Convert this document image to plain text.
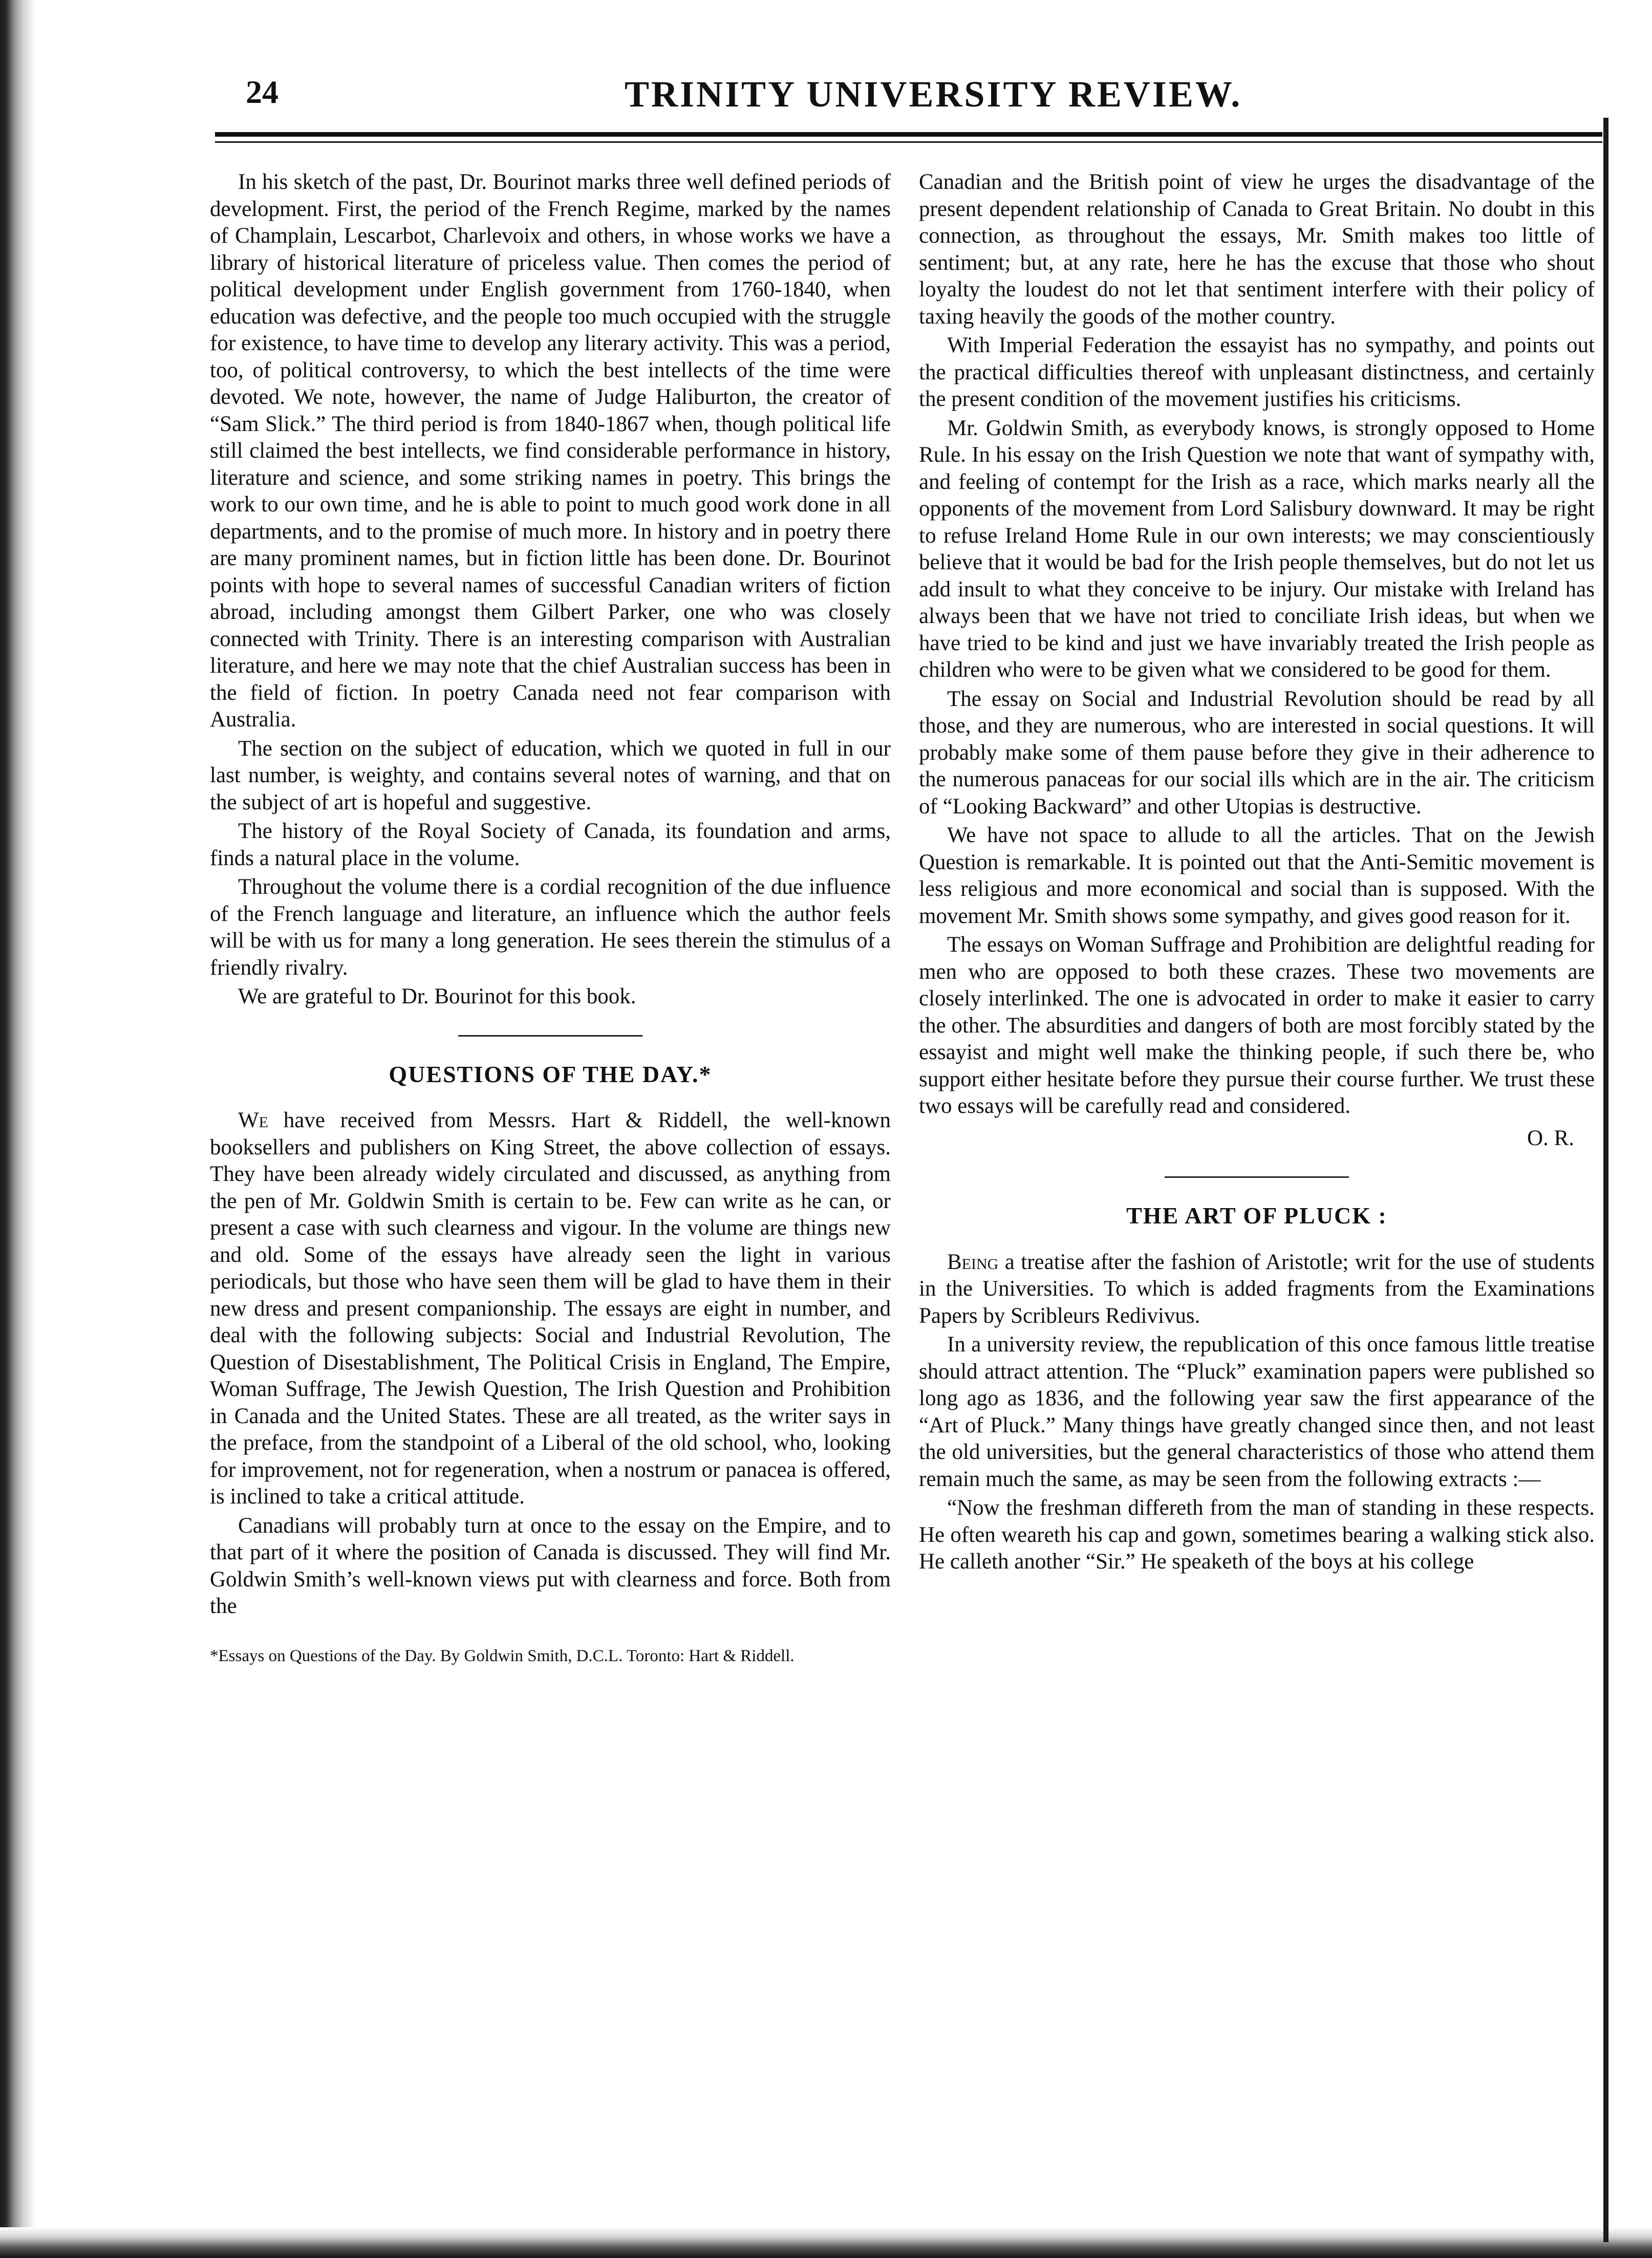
24	TRINITY UNIVERSITY REVIEW.

In his sketch of the past, Dr. Bourinot marks three well defined periods of development. First, the period of the French Regime, marked by the names of Champlain, Lescarbot, Charlevoix and others, in whose works we have a library of historical literature of priceless value. Then comes the period of political development under English government from 1760-1840, when education was defective, and the people too much occupied with the struggle for existence, to have time to develop any literary activity. This was a period, too, of political controversy, to which the best intellects of the time were devoted. We note, however, the name of Judge Haliburton, the creator of “Sam Slick.” The third period is from 1840-1867 when, though political life still claimed the best intellects, we find considerable performance in history, literature and science, and some striking names in poetry. This brings the work to our own time, and he is able to point to much good work done in all departments, and to the promise of much more. In history and in poetry there are many prominent names, but in fiction little has been done. Dr. Bourinot points with hope to several names of successful Canadian writers of fiction abroad, including amongst them Gilbert Parker, one who was closely connected with Trinity. There is an interesting comparison with Australian literature, and here we may note that the chief Australian success has been in the field of fiction. In poetry Canada need not fear comparison with Australia.

The section on the subject of education, which we quoted in full in our last number, is weighty, and contains several notes of warning, and that on the subject of art is hopeful and suggestive.

The history of the Royal Society of Canada, its foundation and arms, finds a natural place in the volume.

Throughout the volume there is a cordial recognition of the due influence of the French language and literature, an influence which the author feels will be with us for many a long generation. He sees therein the stimulus of a friendly rivalry.

We are grateful to Dr. Bourinot for this book.

QUESTIONS OF THE DAY.*

We have received from Messrs. Hart & Riddell, the well-known booksellers and publishers on King Street, the above collection of essays. They have been already widely circulated and discussed, as anything from the pen of Mr. Goldwin Smith is certain to be. Few can write as he can, or present a case with such clearness and vigour. In the volume are things new and old. Some of the essays have already seen the light in various periodicals, but those who have seen them will be glad to have them in their new dress and present companionship. The essays are eight in number, and deal with the following subjects: Social and Industrial Revolution, The Question of Disestablishment, The Political Crisis in England, The Empire, Woman Suffrage, The Jewish Question, The Irish Question and Prohibition in Canada and the United States. These are all treated, as the writer says in the preface, from the standpoint of a Liberal of the old school, who, looking for improvement, not for regeneration, when a nostrum or panacea is offered, is inclined to take a critical attitude.

Canadians will probably turn at once to the essay on the Empire, and to that part of it where the position of Canada is discussed. They will find Mr. Goldwin Smith’s well-known views put with clearness and force. Both from the

*Essays on Questions of the Day. By Goldwin Smith, D.C.L. Toronto: Hart & Riddell.

Canadian and the British point of view he urges the disadvantage of the present dependent relationship of Canada to Great Britain. No doubt in this connection, as throughout the essays, Mr. Smith makes too little of sentiment; but, at any rate, here he has the excuse that those who shout loyalty the loudest do not let that sentiment interfere with their policy of taxing heavily the goods of the mother country.

With Imperial Federation the essayist has no sympathy, and points out the practical difficulties thereof with unpleasant distinctness, and certainly the present condition of the movement justifies his criticisms.

Mr. Goldwin Smith, as everybody knows, is strongly opposed to Home Rule. In his essay on the Irish Question we note that want of sympathy with, and feeling of contempt for the Irish as a race, which marks nearly all the opponents of the movement from Lord Salisbury downward. It may be right to refuse Ireland Home Rule in our own interests; we may conscientiously believe that it would be bad for the Irish people themselves, but do not let us add insult to what they conceive to be injury. Our mistake with Ireland has always been that we have not tried to conciliate Irish ideas, but when we have tried to be kind and just we have invariably treated the Irish people as children who were to be given what we considered to be good for them.

The essay on Social and Industrial Revolution should be read by all those, and they are numerous, who are interested in social questions. It will probably make some of them pause before they give in their adherence to the numerous panaceas for our social ills which are in the air. The criticism of “Looking Backward” and other Utopias is destructive.

We have not space to allude to all the articles. That on the Jewish Question is remarkable. It is pointed out that the Anti-Semitic movement is less religious and more economical and social than is supposed. With the movement Mr. Smith shows some sympathy, and gives good reason for it.

The essays on Woman Suffrage and Prohibition are delightful reading for men who are opposed to both these crazes. These two movements are closely interlinked. The one is advocated in order to make it easier to carry the other. The absurdities and dangers of both are most forcibly stated by the essayist and might well make the thinking people, if such there be, who support either hesitate before they pursue their course further. We trust these two essays will be carefully read and considered.

O. R.

THE ART OF PLUCK :

Being a treatise after the fashion of Aristotle; writ for the use of students in the Universities. To which is added fragments from the Examinations Papers by Scribleurs Redivivus.

In a university review, the republication of this once famous little treatise should attract attention. The “Pluck” examination papers were published so long ago as 1836, and the following year saw the first appearance of the “Art of Pluck.” Many things have greatly changed since then, and not least the old universities, but the general characteristics of those who attend them remain much the same, as may be seen from the following extracts :—

“Now the freshman differeth from the man of standing in these respects. He often weareth his cap and gown, sometimes bearing a walking stick also. He calleth another “Sir.” He speaketh of the boys at his college
